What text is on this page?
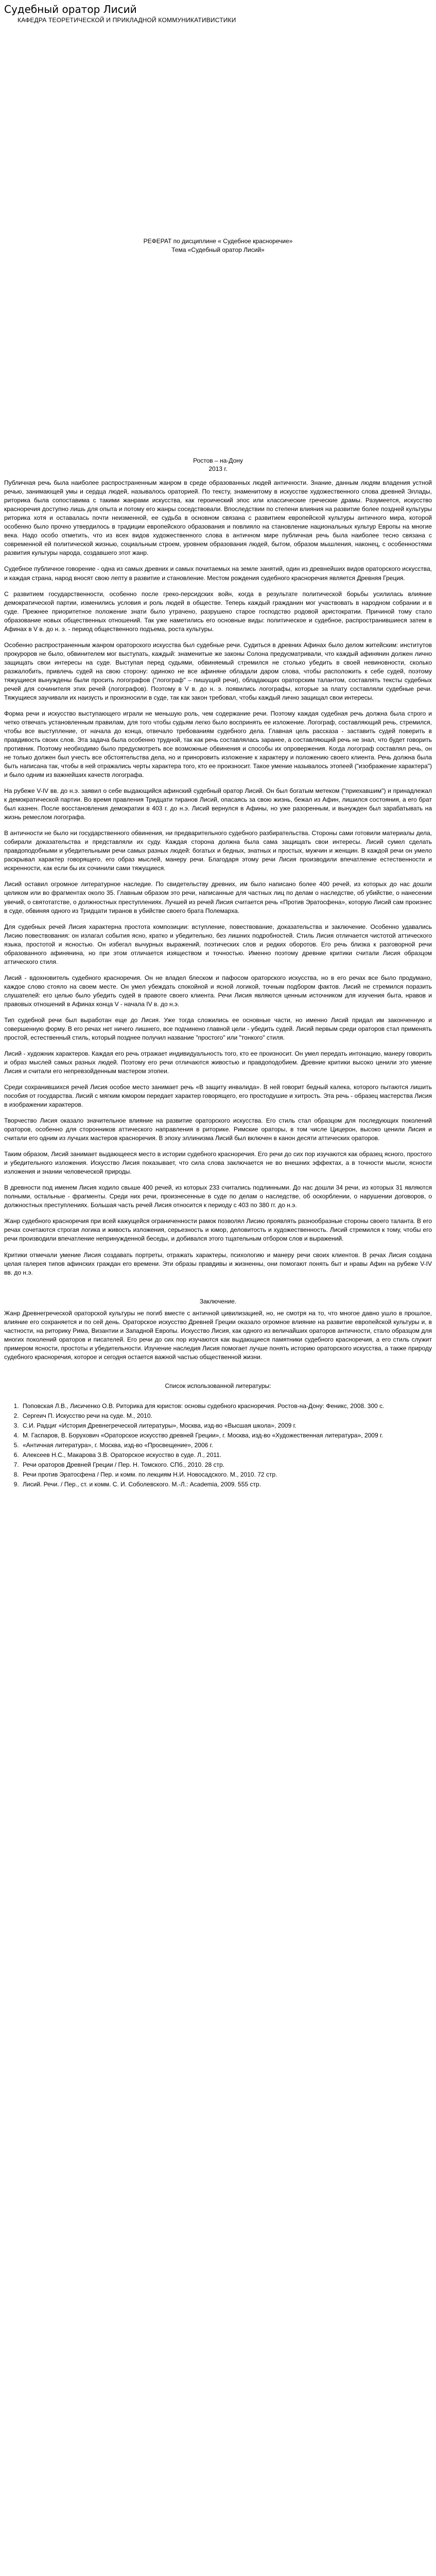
Судебный оратор Лисий
КАФЕДРА ТЕОРЕТИЧЕСКОЙ И ПРИКЛАДНОЙ КОММУНИКАТИВИСТИКИ

РЕФЕРАТ по дисциплине « Судебное красноречие»

Тема «Судебный оратор Лисий»

Ростов – на-Дону

2013 г.

Публичная речь была наиболее распространенным жанром в среде образованных людей античности. Знание, данным людям владения устной речью, занимающей умы и сердца людей, называлось ораторией. По тексту, знаменитому в искусстве художественного слова древней Эллады, риторика была сопоставима с такими жанрами искусства, как героический эпос или классические греческие драмы. Разумеется, искусство красноречия доступно лишь для опыта и потому его жанры соседствовали. Впоследствии по степени влияния на развитие более поздней культуры риторика хотя и оставалась почти неизменной, ее судьба в основном связана с развитием европейской культуры античного мира, которой особенно было прочно утвердилось в традиции европейского образования и повлияло на становление национальных культур Европы на многие века. Надо особо отметить, что из всех видов художественного слова в античном мире публичная речь была наиболее тесно связана с современной ей политической жизнью, социальным строем, уровнем образования людей, бытом, образом мышления, наконец, с особенностями развития культуры народа, создавшего этот жанр.

Судебное публичное говорение - одна из самых древних и самых почитаемых на земле занятий, один из древнейших видов ораторского искусства, и каждая страна, народ вносят свою лепту в развитие и становление. Местом рождения судебного красноречия является Древняя Греция.

С развитием государственности, особенно после греко-персидских войн, когда в результате политической борьбы усилилась влияние демократической партии, изменились условия и роль людей в обществе. Теперь каждый гражданин мог участвовать в народном собрании и в суде. Прежнее приоритетное положение знати было утрачено, разрушено старое господство родовой аристократии. Причиной тому стало образование новых общественных отношений. Так уже наметились его основные виды: политическое и судебное, распространившиеся затем в Афинах в V в. до н. э. - период общественного подъема, роста культуры.

Особенно распространенным жанром ораторского искусства был судебные речи. Судиться в древних Афинах было делом житейским: институтов прокуроров не было, обвинителем мог выступать, каждый: знаменитые же законы Солона предусматривали, что каждый афинянин должен лично защищать свои интересы на суде. Выступая перед судьями, обвиняемый стремился не столько убедить в своей невиновности, сколько разжалобить, привлечь судей на свою сторону: одиноко не все афиняне обладали даром слова, чтобы расположить к себе судей, поэтому тяжущиеся вынуждены были просить логографов ("логограф" – пишущий речи), обладающих ораторским талантом, составлять тексты судебных речей для сочинителя этих речей (логографов). Поэтому в V в. до н. э. появились логографы, которые за плату составляли судебные речи. Тяжущиеся заучивали их наизусть и произносили в суде, так как закон требовал, чтобы каждый лично защищал свои интересы.

Форма речи и искусство выступающего играли не меньшую роль, чем содержание речи. Поэтому каждая судебная речь должна была строго и четко отвечать установленным правилам, для того чтобы судьям легко было воспринять ее изложение. Логограф, составляющий речь, стремился, чтобы все выступление, от начала до конца, отвечало требованиям судебного дела. Главная цель рассказа - заставить судей поверить в правдивость своих слов. Эта задача была особенно трудной, так как речь составлялась заранее, а составляющий речь не знал, что будет говорить противник. Поэтому необходимо было предусмотреть все возможные обвинения и способы их опровержения. Когда логограф составлял речь, он не только должен был учесть все обстоятельства дела, но и приноровить изложение к характеру и положению своего клиента. Речь должна была быть написана так, чтобы в ней отражались черты характера того, кто ее произносит. Такое умение называлось этопеей ("изображение характера") и было одним из важнейших качеств логографа.

На рубеже V-IV вв. до н.э. заявил о себе выдающийся афинский судебный оратор Лисий. Он был богатым метеком ("приехавшим") и принадлежал к демократической партии. Во время правления Тридцати тиранов Лисий, опасаясь за свою жизнь, бежал из Афин, лишился состояния, а его брат был казнен. После восстановления демократии в 403 г. до н.э. Лисий вернулся в Афины, но уже разоренным, и вынужден был зарабатывать на жизнь ремеслом логографа.

В античности не было ни государственного обвинения, ни предварительного судебного разбирательства. Стороны сами готовили материалы дела, собирали доказательства и представляли их суду. Каждая сторона должна была сама защищать свои интересы. Лисий сумел сделать правдоподобными и убедительными речи самых разных людей: богатых и бедных, знатных и простых, мужчин и женщин. В каждой речи он умело раскрывал характер говорящего, его образ мыслей, манеру речи. Благодаря этому речи Лисия производили впечатление естественности и искренности, как если бы их сочинили сами тяжущиеся.

Лисий оставил огромное литературное наследие. По свидетельству древних, им было написано более 400 речей, из которых до нас дошли целиком или во фрагментах около 35. Главным образом это речи, написанные для частных лиц по делам о наследстве, об убийстве, о нанесении увечий, о святотатстве, о должностных преступлениях. Лучшей из речей Лисия считается речь «Против Эратосфена», которую Лисий сам произнес в суде, обвиняя одного из Тридцати тиранов в убийстве своего брата Полемарха.

Для судебных речей Лисия характерна простота композиции: вступление, повествование, доказательства и заключение. Особенно удавались Лисию повествования: он излагал события ясно, кратко и убедительно, без лишних подробностей. Стиль Лисия отличается чистотой аттического языка, простотой и ясностью. Он избегал вычурных выражений, поэтических слов и редких оборотов. Его речь близка к разговорной речи образованного афинянина, но при этом отличается изяществом и точностью. Именно поэтому древние критики считали Лисия образцом аттического стиля.

Лисий - вдохновитель судебного красноречия. Он не владел блеском и пафосом ораторского искусства, но в его речах все было продумано, каждое слово стояло на своем месте. Он умел убеждать спокойной и ясной логикой, точным подбором фактов. Лисий не стремился поразить слушателей: его целью было убедить судей в правоте своего клиента. Речи Лисия являются ценным источником для изучения быта, нравов и правовых отношений в Афинах конца V - начала IV в. до н.э.

Тип судебной речи был выработан еще до Лисия. Уже тогда сложились ее основные части, но именно Лисий придал им законченную и совершенную форму. В его речах нет ничего лишнего, все подчинено главной цели - убедить судей. Лисий первым среди ораторов стал применять простой, естественный стиль, который позднее получил название "простого" или "тонкого" стиля.

Лисий - художник характеров. Каждая его речь отражает индивидуальность того, кто ее произносит. Он умел передать интонацию, манеру говорить и образ мыслей самых разных людей. Поэтому его речи отличаются живостью и правдоподобием. Древние критики высоко ценили это умение Лисия и считали его непревзойденным мастером этопеи.

Среди сохранившихся речей Лисия особое место занимает речь «В защиту инвалида». В ней говорит бедный калека, которого пытаются лишить пособия от государства. Лисий с мягким юмором передает характер говорящего, его простодушие и хитрость. Эта речь - образец мастерства Лисия в изображении характеров.

Творчество Лисия оказало значительное влияние на развитие ораторского искусства. Его стиль стал образцом для последующих поколений ораторов, особенно для сторонников аттического направления в риторике. Римские ораторы, в том числе Цицерон, высоко ценили Лисия и считали его одним из лучших мастеров красноречия. В эпоху эллинизма Лисий был включен в канон десяти аттических ораторов.

Таким образом, Лисий занимает выдающееся место в истории судебного красноречия. Его речи до сих пор изучаются как образец ясного, простого и убедительного изложения. Искусство Лисия показывает, что сила слова заключается не во внешних эффектах, а в точности мысли, ясности изложения и знании человеческой природы.

В древности под именем Лисия ходило свыше 400 речей, из которых 233 считались подлинными. До нас дошли 34 речи, из которых 31 являются полными, остальные - фрагменты. Среди них речи, произнесенные в суде по делам о наследстве, об оскорблении, о нарушении договоров, о должностных преступлениях. Большая часть речей Лисия относится к периоду с 403 по 380 гг. до н.э.

Жанр судебного красноречия при всей кажущейся ограниченности рамок позволял Лисию проявлять разнообразные стороны своего таланта. В его речах сочетаются строгая логика и живость изложения, серьезность и юмор, деловитость и художественность. Лисий стремился к тому, чтобы его речи производили впечатление непринужденной беседы, и добивался этого тщательным отбором слов и выражений.

Критики отмечали умение Лисия создавать портреты, отражать характеры, психологию и манеру речи своих клиентов. В речах Лисия создана целая галерея типов афинских граждан его времени. Эти образы правдивы и жизненны, они помогают понять быт и нравы Афин на рубеже V-IV вв. до н.э.

Заключение.

Жанр Древнегреческой ораторской культуры не погиб вместе с античной цивилизацией, но, не смотря на то, что многое давно ушло в прошлое, влияние его сохраняется и по сей день. Ораторское искусство Древней Греции оказало огромное влияние на развитие европейской культуры и, в частности, на риторику Рима, Византии и Западной Европы. Искусство Лисия, как одного из величайших ораторов античности, стало образцом для многих поколений ораторов и писателей. Его речи до сих пор изучаются как выдающиеся памятники судебного красноречия, а его стиль служит примером ясности, простоты и убедительности. Изучение наследия Лисия помогает лучше понять историю ораторского искусства, а также природу судебного красноречия, которое и сегодня остается важной частью общественной жизни.

Список использованной литературы:

1. Поповская Л.В., Лисиченко О.В. Риторика для юристов: основы судебного красноречия. Ростов-на-Дону: Феникс, 2008. 300 с.
2. Сергеич П. Искусство речи на суде. М., 2010.
3. С.И. Радциг «История Древнегреческой литературы», Москва, изд-во «Высшая школа», 2009 г.
4. М. Гаспаров, В. Борухович «Ораторское искусство древней Греции», г. Москва, изд-во «Художественная литература», 2009 г.
5. «Античная литература», г. Москва, изд-во «Просвещение», 2006 г.
6. Алексеев Н.С., Макарова З.В. Ораторское искусство в суде. Л., 2011.
7. Речи ораторов Древней Греции / Пер. Н. Томского. СПб., 2010. 28 стр.
8. Речи против Эратосфена / Пер. и комм. по лекциям Н.И. Новосадского. М., 2010. 72 стр.
9. Лисий. Речи. / Пер., ст. и комм. С. И. Соболевского. М.-Л.: Academia, 2009. 555 стр.
